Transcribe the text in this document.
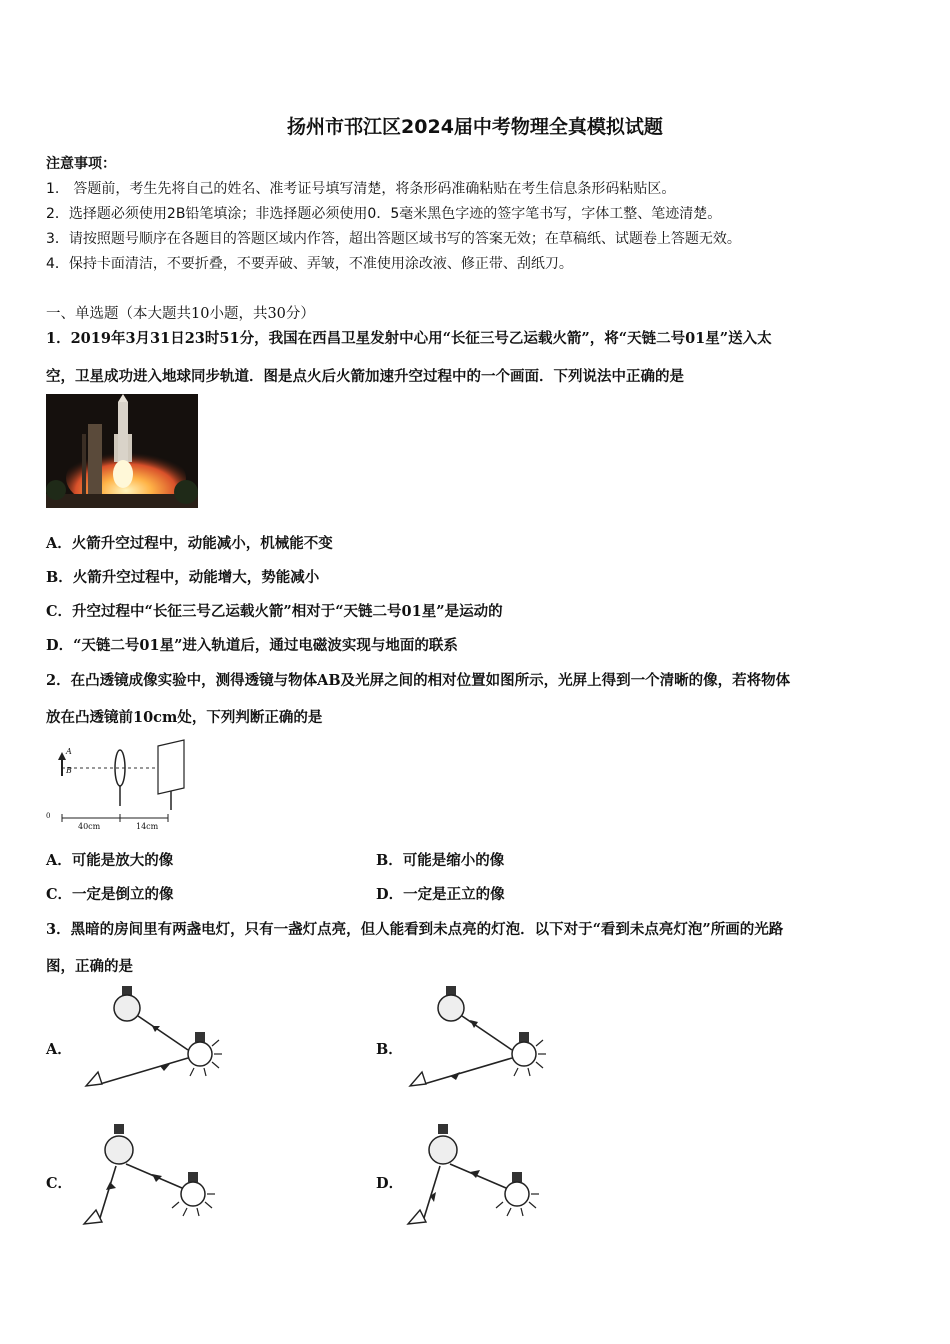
扬州市邗江区2024届中考物理全真模拟试题
注意事项：
1.　答题前，考生先将自己的姓名、准考证号填写清楚，将条形码准确粘贴在考生信息条形码粘贴区。
2．选择题必须使用2B铅笔填涂；非选择题必须使用0．5毫米黑色字迹的签字笔书写，字体工整、笔迹清楚。
3．请按照题号顺序在各题目的答题区域内作答，超出答题区域书写的答案无效；在草稿纸、试题卷上答题无效。
4．保持卡面清洁，不要折叠，不要弄破、弄皱，不准使用涂改液、修正带、刮纸刀。
一、单选题（本大题共10小题，共30分）
1．2019年3月31日23时51分，我国在西昌卫星发射中心用“长征三号乙运载火箭”，将“天链二号01星”送入太
空，卫星成功进入地球同步轨道．图是点火后火箭加速升空过程中的一个画面．下列说法中正确的是
A．火箭升空过程中，动能减小，机械能不变
B．火箭升空过程中，动能增大，势能减小
C．升空过程中“长征三号乙运载火箭”相对于“天链二号01星”是运动的
D．“天链二号01星”进入轨道后，通过电磁波实现与地面的联系
2．在凸透镜成像实验中，测得透镜与物体AB及光屏之间的相对位置如图所示，光屏上得到一个清晰的像，若将物体
放在凸透镜前10cm处，下列判断正确的是
A
B
40cm	14cm
0
A．可能是放大的像	B．可能是缩小的像
C．一定是倒立的像	D．一定是正立的像
3．黑暗的房间里有两盏电灯，只有一盏灯点亮，但人能看到未点亮的灯泡．以下对于“看到未点亮灯泡”所画的光路
图，正确的是
A．	B．
C．	D．
